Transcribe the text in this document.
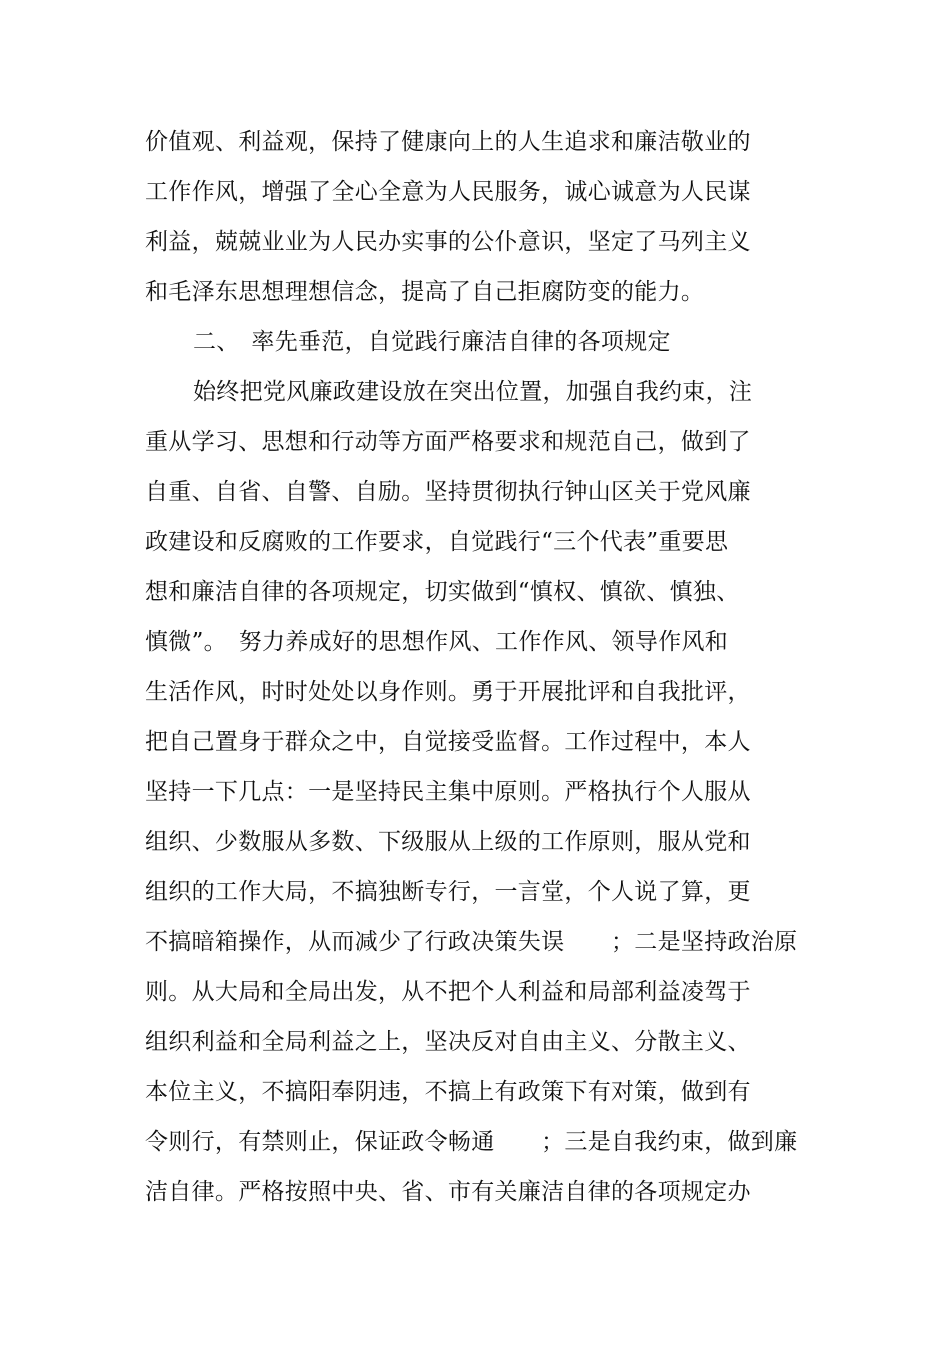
价值观、利益观，保持了健康向上的人生追求和廉洁敬业的

工作作风，增强了全心全意为人民服务，诚心诚意为人民谋

利益，兢兢业业为人民办实事的公仆意识，坚定了马列主义

和毛泽东思想理想信念，提高了自己拒腐防变的能力。

二、　率先垂范，自觉践行廉洁自律的各项规定

始终把党风廉政建设放在突出位置，加强自我约束，注

重从学习、思想和行动等方面严格要求和规范自己，做到了

自重、自省、自警、自励。坚持贯彻执行钟山区关于党风廉

政建设和反腐败的工作要求，自觉践行“三个代表”重要思

想和廉洁自律的各项规定，切实做到“慎权、慎欲、慎独、

慎微”。　努力养成好的思想作风、工作作风、领导作风和

生活作风，时时处处以身作则。勇于开展批评和自我批评，

把自己置身于群众之中，自觉接受监督。工作过程中，本人

坚持一下几点：一是坚持民主集中原则。严格执行个人服从

组织、少数服从多数、下级服从上级的工作原则，服从党和

组织的工作大局，不搞独断专行，一言堂，个人说了算，更

不搞暗箱操作，从而减少了行政决策失误　　；二是坚持政治原

则。从大局和全局出发，从不把个人利益和局部利益凌驾于

组织利益和全局利益之上，坚决反对自由主义、分散主义、

本位主义，不搞阳奉阴违，不搞上有政策下有对策，做到有

令则行，有禁则止，保证政令畅通　　；三是自我约束，做到廉

洁自律。严格按照中央、省、市有关廉洁自律的各项规定办
